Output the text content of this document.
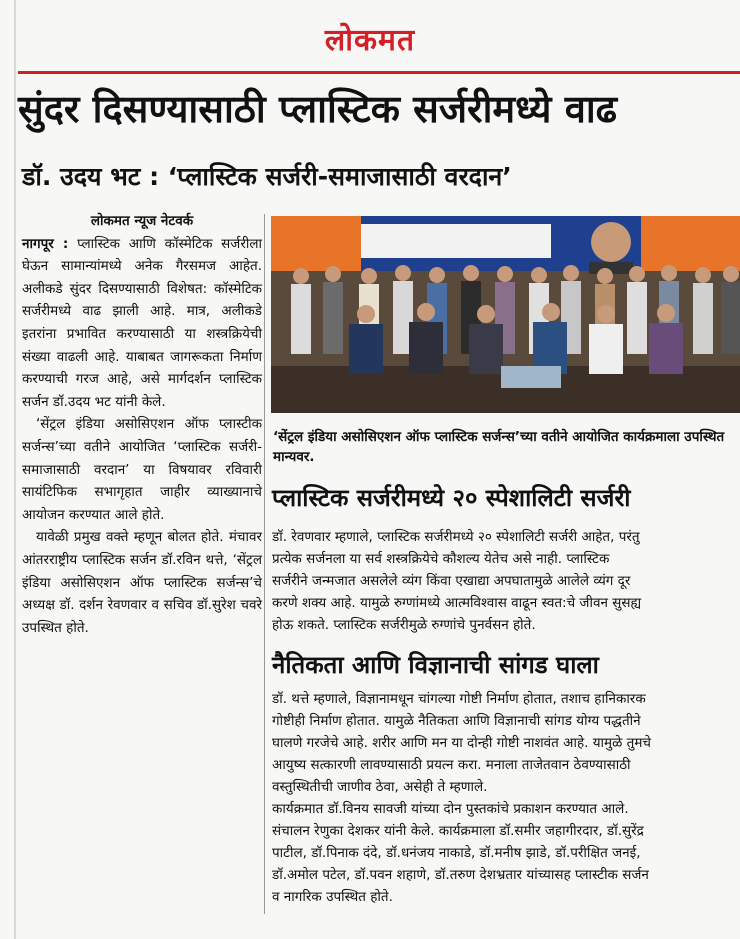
लोकमत
सुंदर दिसण्यासाठी प्लास्टिक सर्जरीमध्ये वाढ
डॉ. उदय भट : ‘प्लास्टिक सर्जरी-समाजासाठी वरदान’

लोकमत न्यूज नेटवर्क

नागपूर : प्लास्टिक आणि कॉस्मेटिक सर्जरीला घेऊन सामान्यांमध्ये अनेक गैरसमज आहेत. अलीकडे सुंदर दिसण्यासाठी विशेषत: कॉस्मेटिक सर्जरीमध्ये वाढ झाली आहे. मात्र, अलीकडे इतरांना प्रभावित करण्यासाठी या शस्त्रक्रियेची संख्या वाढली आहे. याबाबत जागरूकता निर्माण करण्याची गरज आहे, असे मार्गदर्शन प्लास्टिक सर्जन डॉ.उदय भट यांनी केले.

‘सेंट्रल इंडिया असोसिएशन ऑफ प्लास्टीक सर्जन्स’च्या वतीने आयोजित ‘प्लास्टिक सर्जरी-समाजासाठी वरदान’ या विषयावर रविवारी सायंटिफिक सभागृहात जाहीर व्याख्यानाचे आयोजन करण्यात आले होते.

यावेळी प्रमुख वक्ते म्हणून बोलत होते. मंचावर आंतरराष्ट्रीय प्लास्टिक सर्जन डॉ.रविन थत्ते, ‘सेंट्रल इंडिया असोसिएशन ऑफ प्लास्टिक सर्जन्स’चे अध्यक्ष डॉ. दर्शन रेवणवार व सचिव डॉ.सुरेश चवरे उपस्थित होते.

‘सेंट्रल इंडिया असोसिएशन ऑफ प्लास्टिक सर्जन्स’च्या वतीने आयोजित कार्यक्रमाला उपस्थित मान्यवर.
प्लास्टिक सर्जरीमध्ये २० स्पेशालिटी सर्जरी
डॉ. रेवणवार म्हणाले, प्लास्टिक सर्जरीमध्ये २० स्पेशालिटी सर्जरी आहेत, परंतु
प्रत्येक सर्जनला या सर्व शस्त्रक्रियेचे कौशल्य येतेच असे नाही. प्लास्टिक
सर्जरीने जन्मजात असलेले व्यंग किंवा एखाद्या अपघातामुळे आलेले व्यंग दूर
करणे शक्य आहे. यामुळे रुग्णांमध्ये आत्मविश्वास वाढून स्वत:चे जीवन सुसह्य
होऊ शकते. प्लास्टिक सर्जरीमुळे रुग्णांचे पुनर्वसन होते.
नैतिकता आणि विज्ञानाची सांगड घाला
डॉ. थत्ते म्हणाले, विज्ञानामधून चांगल्या गोष्टी निर्माण होतात, तशाच हानिकारक
गोष्टीही निर्माण होतात. यामुळे नैतिकता आणि विज्ञानाची सांगड योग्य पद्धतीने
घालणे गरजेचे आहे. शरीर आणि मन या दोन्ही गोष्टी नाशवंत आहे. यामुळे तुमचे
आयुष्य सत्कारणी लावण्यासाठी प्रयत्न करा. मनाला ताजेतवान ठेवण्यासाठी
वस्तुस्थितीची जाणीव ठेवा, असेही ते म्हणाले.
कार्यक्रमात डॉ.विनय सावजी यांच्या दोन पुस्तकांचे प्रकाशन करण्यात आले.
संचालन रेणुका देशकर यांनी केले. कार्यक्रमाला डॉ.समीर जहागीरदार, डॉ.सुरेंद्र
पाटील, डॉ.पिनाक दंदे, डॉ.धनंजय नाकाडे, डॉ.मनीष झाडे, डॉ.परीक्षित जनई,
डॉ.अमोल पटेल, डॉ.पवन शहाणे, डॉ.तरुण देशभ्रतार यांच्यासह प्लास्टीक सर्जन
व नागरिक उपस्थित होते.
